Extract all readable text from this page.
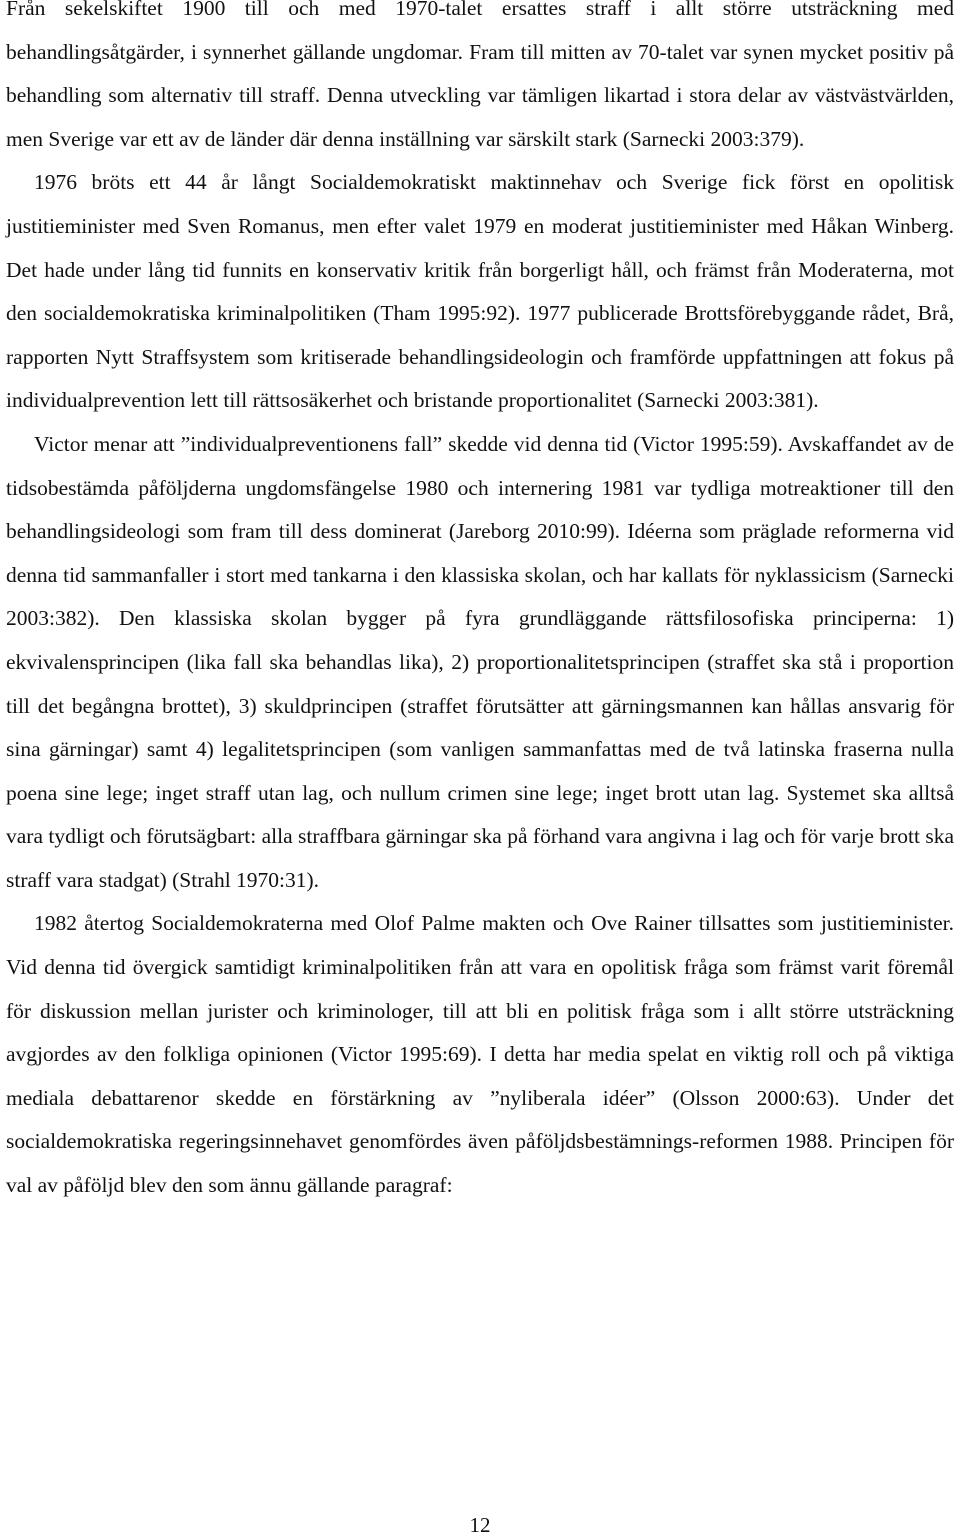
Från sekelskiftet 1900 till och med 1970-talet ersattes straff i allt större utsträckning med behandlingsåtgärder, i synnerhet gällande ungdomar. Fram till mitten av 70-talet var synen mycket positiv på behandling som alternativ till straff. Denna utveckling var tämligen likartad i stora delar av västvästvärlden, men Sverige var ett av de länder där denna inställning var särskilt stark (Sarnecki 2003:379).

1976 bröts ett 44 år långt Socialdemokratiskt maktinnehav och Sverige fick först en opolitisk justitieminister med Sven Romanus, men efter valet 1979 en moderat justitieminister med Håkan Winberg. Det hade under lång tid funnits en konservativ kritik från borgerligt håll, och främst från Moderaterna, mot den socialdemokratiska kriminalpolitiken (Tham 1995:92). 1977 publicerade Brottsförebyggande rådet, Brå, rapporten Nytt Straffsystem som kritiserade behandlingsideologin och framförde uppfattningen att fokus på individualprevention lett till rättsosäkerhet och bristande proportionalitet (Sarnecki 2003:381).

Victor menar att ”individualpreventionens fall” skedde vid denna tid (Victor 1995:59). Avskaffandet av de tidsobestämda påföljderna ungdomsfängelse 1980 och internering 1981 var tydliga motreaktioner till den behandlingsideologi som fram till dess dominerat (Jareborg 2010:99). Idéerna som präglade reformerna vid denna tid sammanfaller i stort med tankarna i den klassiska skolan, och har kallats för nyklassicism (Sarnecki 2003:382). Den klassiska skolan bygger på fyra grundläggande rättsfilosofiska principerna: 1) ekvivalensprincipen (lika fall ska behandlas lika), 2) proportionalitetsprincipen (straffet ska stå i proportion till det begångna brottet), 3) skuldprincipen (straffet förutsätter att gärningsmannen kan hållas ansvarig för sina gärningar) samt 4) legalitetsprincipen (som vanligen sammanfattas med de två latinska fraserna nulla poena sine lege; inget straff utan lag, och nullum crimen sine lege; inget brott utan lag. Systemet ska alltså vara tydligt och förutsägbart: alla straffbara gärningar ska på förhand vara angivna i lag och för varje brott ska straff vara stadgat) (Strahl 1970:31).

1982 återtog Socialdemokraterna med Olof Palme makten och Ove Rainer tillsattes som justitieminister. Vid denna tid övergick samtidigt kriminalpolitiken från att vara en opolitisk fråga som främst varit föremål för diskussion mellan jurister och kriminologer, till att bli en politisk fråga som i allt större utsträckning avgjordes av den folkliga opinionen (Victor 1995:69). I detta har media spelat en viktig roll och på viktiga mediala debattarenor skedde en förstärkning av ”nyliberala idéer” (Olsson 2000:63). Under det socialdemokratiska regeringsinnehavet genomfördes även påföljdsbestämnings-reformen 1988. Principen för val av påföljd blev den som ännu gällande paragraf:

12
